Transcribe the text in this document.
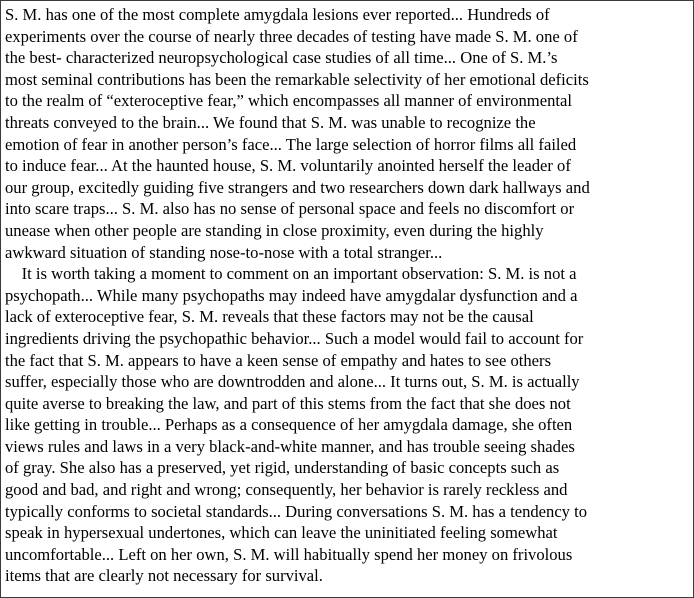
S. M. has one of the most complete amygdala lesions ever reported... Hundreds of
experiments over the course of nearly three decades of testing have made S. M. one of
the best- characterized neuropsychological case studies of all time... One of S. M.’s
most seminal contributions has been the remarkable selectivity of her emotional deficits
to the realm of “exteroceptive fear,” which encompasses all manner of environmental
threats conveyed to the brain... We found that S. M. was unable to recognize the
emotion of fear in another person’s face... The large selection of horror films all failed
to induce fear... At the haunted house, S. M. voluntarily anointed herself the leader of
our group, excitedly guiding five strangers and two researchers down dark hallways and
into scare traps... S. M. also has no sense of personal space and feels no discomfort or
unease when other people are standing in close proximity, even during the highly
awkward situation of standing nose-to-nose with a total stranger...
It is worth taking a moment to comment on an important observation: S. M. is not a
psychopath... While many psychopaths may indeed have amygdalar dysfunction and a
lack of exteroceptive fear, S. M. reveals that these factors may not be the causal
ingredients driving the psychopathic behavior... Such a model would fail to account for
the fact that S. M. appears to have a keen sense of empathy and hates to see others
suffer, especially those who are downtrodden and alone... It turns out, S. M. is actually
quite averse to breaking the law, and part of this stems from the fact that she does not
like getting in trouble... Perhaps as a consequence of her amygdala damage, she often
views rules and laws in a very black-and-white manner, and has trouble seeing shades
of gray. She also has a preserved, yet rigid, understanding of basic concepts such as
good and bad, and right and wrong; consequently, her behavior is rarely reckless and
typically conforms to societal standards... During conversations S. M. has a tendency to
speak in hypersexual undertones, which can leave the uninitiated feeling somewhat
uncomfortable... Left on her own, S. M. will habitually spend her money on frivolous
items that are clearly not necessary for survival.
